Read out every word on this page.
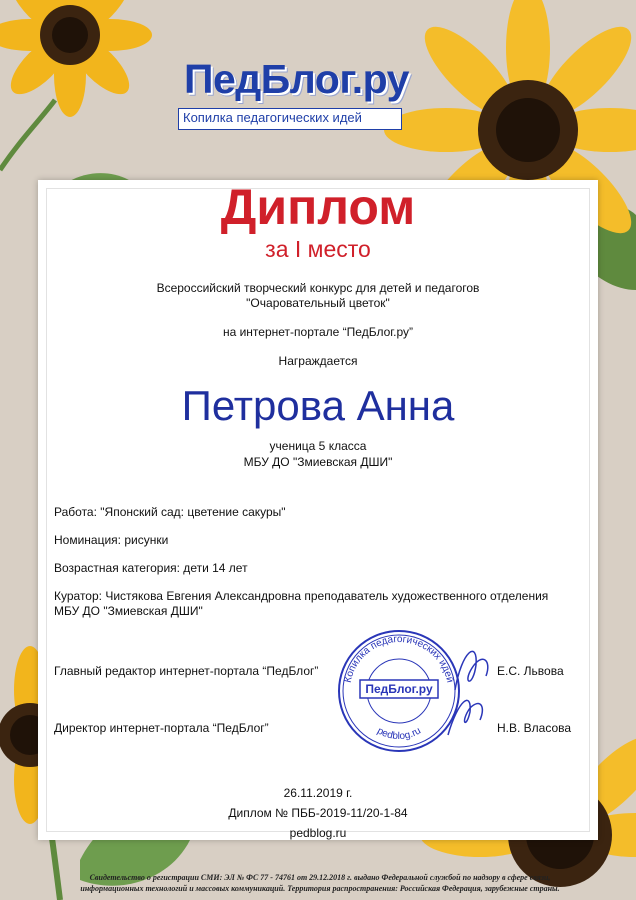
ПедБлог.ру
Копилка педагогических идей
Диплом
за I место
Всероссийский творческий конкурс для детей и педагогов
"Очаровательный цветок"
на интернет-портале “ПедБлог.ру”
Награждается
Петрова Анна
ученица 5 класса
МБУ ДО "Змиевская ДШИ"
Работа: "Японский сад: цветение сакуры"
Номинация: рисунки
Возрастная категория: дети 14 лет
Куратор: Чистякова Евгения Александровна преподаватель художественного отделения
МБУ ДО "Змиевская ДШИ"
Главный редактор интернет-портала “ПедБлог”	Е.С. Львова
Директор интернет-портала “ПедБлог”	Н.В. Власова
Копилка педагогических идей
pedblog.ru
ПедБлог.ру
26.11.2019 г.
Диплом № ПББ-2019-11/20-1-84
pedblog.ru
Свидетельство о регистрации СМИ: ЭЛ № ФС 77 - 74761 от 29.12.2018 г. выдано Федеральной службой по надзору в сфере связи,
информационных технологий и массовых коммуникаций. Территория распространения: Российская Федерация, зарубежные страны.
